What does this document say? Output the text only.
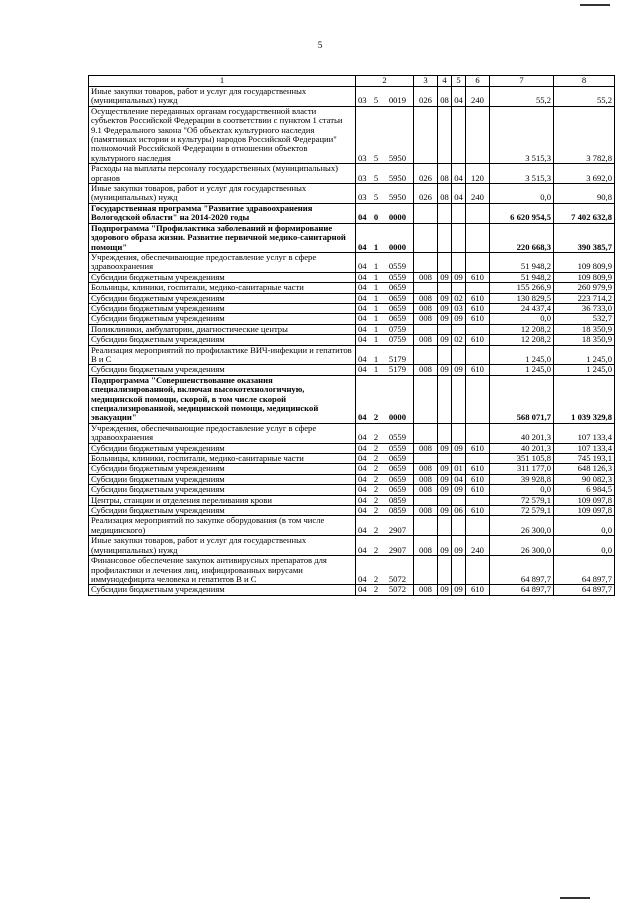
5
1	2	3	4	5	6	7	8
Иные закупки товаров, работ и услуг для государственных (муниципальных) нужд	03 5 0019	026	08	04	240	55,2	55,2
Осуществление переданных органам государственной власти субъектов Российской Федерации в соответствии с пунктом 1 статьи 9.1 Федерального закона "Об объектах культурного наследия (памятниках истории и культуры) народов Российской Федерации" полномочий Российской Федерации в отношении объектов культурного наследия	03 5 5950					3 515,3	3 782,8
Расходы на выплаты персоналу государственных (муниципальных) органов	03 5 5950	026	08	04	120	3 515,3	3 692,0
Иные закупки товаров, работ и услуг для государственных (муниципальных) нужд	03 5 5950	026	08	04	240	0,0	90,8
Государственная программа "Развитие здравоохранения Вологодской области" на 2014-2020 годы	04 0 0000					6 620 954,5	7 402 632,8
Подпрограмма "Профилактика заболеваний и формирование здорового образа жизни. Развитие первичной медико-санитарной помощи"	04 1 0000					220 668,3	390 385,7
Учреждения, обеспечивающие предоставление услуг в сфере здравоохранения	04 1 0559					51 948,2	109 809,9
Субсидии бюджетным учреждениям	04 1 0559	008	09	09	610	51 948,2	109 809,9
Больницы, клиники, госпитали, медико-санитарные части	04 1 0659					155 266,9	260 979,9
Субсидии бюджетным учреждениям	04 1 0659	008	09	02	610	130 829,5	223 714,2
Субсидии бюджетным учреждениям	04 1 0659	008	09	03	610	24 437,4	36 733,0
Субсидии бюджетным учреждениям	04 1 0659	008	09	09	610	0,0	532,7
Поликлиники, амбулатории, диагностические центры	04 1 0759					12 208,2	18 350,9
Субсидии бюджетным учреждениям	04 1 0759	008	09	02	610	12 208,2	18 350,9
Реализация мероприятий по профилактике ВИЧ-инфекции и гепатитов В и С	04 1 5179					1 245,0	1 245,0
Субсидии бюджетным учреждениям	04 1 5179	008	09	09	610	1 245,0	1 245,0
Подпрограмма "Совершенствование оказания специализированной, включая высокотехнологичную, медицинской помощи, скорой, в том числе скорой специализированной, медицинской помощи, медицинской эвакуации"	04 2 0000					568 071,7	1 039 329,8
Учреждения, обеспечивающие предоставление услуг в сфере здравоохранения	04 2 0559					40 201,3	107 133,4
Субсидии бюджетным учреждениям	04 2 0559	008	09	09	610	40 201,3	107 133,4
Больницы, клиники, госпитали, медико-санитарные части	04 2 0659					351 105,8	745 193,1
Субсидии бюджетным учреждениям	04 2 0659	008	09	01	610	311 177,0	648 126,3
Субсидии бюджетным учреждениям	04 2 0659	008	09	04	610	39 928,8	90 082,3
Субсидии бюджетным учреждениям	04 2 0659	008	09	09	610	0,0	6 984,5
Центры, станции и отделения переливания крови	04 2 0859					72 579,1	109 097,8
Субсидии бюджетным учреждениям	04 2 0859	008	09	06	610	72 579,1	109 097,8
Реализация мероприятий по закупке оборудования (в том числе медицинского)	04 2 2907					26 300,0	0,0
Иные закупки товаров, работ и услуг для государственных (муниципальных) нужд	04 2 2907	008	09	09	240	26 300,0	0,0
Финансовое обеспечение закупок антивирусных препаратов для профилактики и лечения лиц, инфицированных вирусами иммунодефицита человека и гепатитов В и С	04 2 5072					64 897,7	64 897,7
Субсидии бюджетным учреждениям	04 2 5072	008	09	09	610	64 897,7	64 897,7
